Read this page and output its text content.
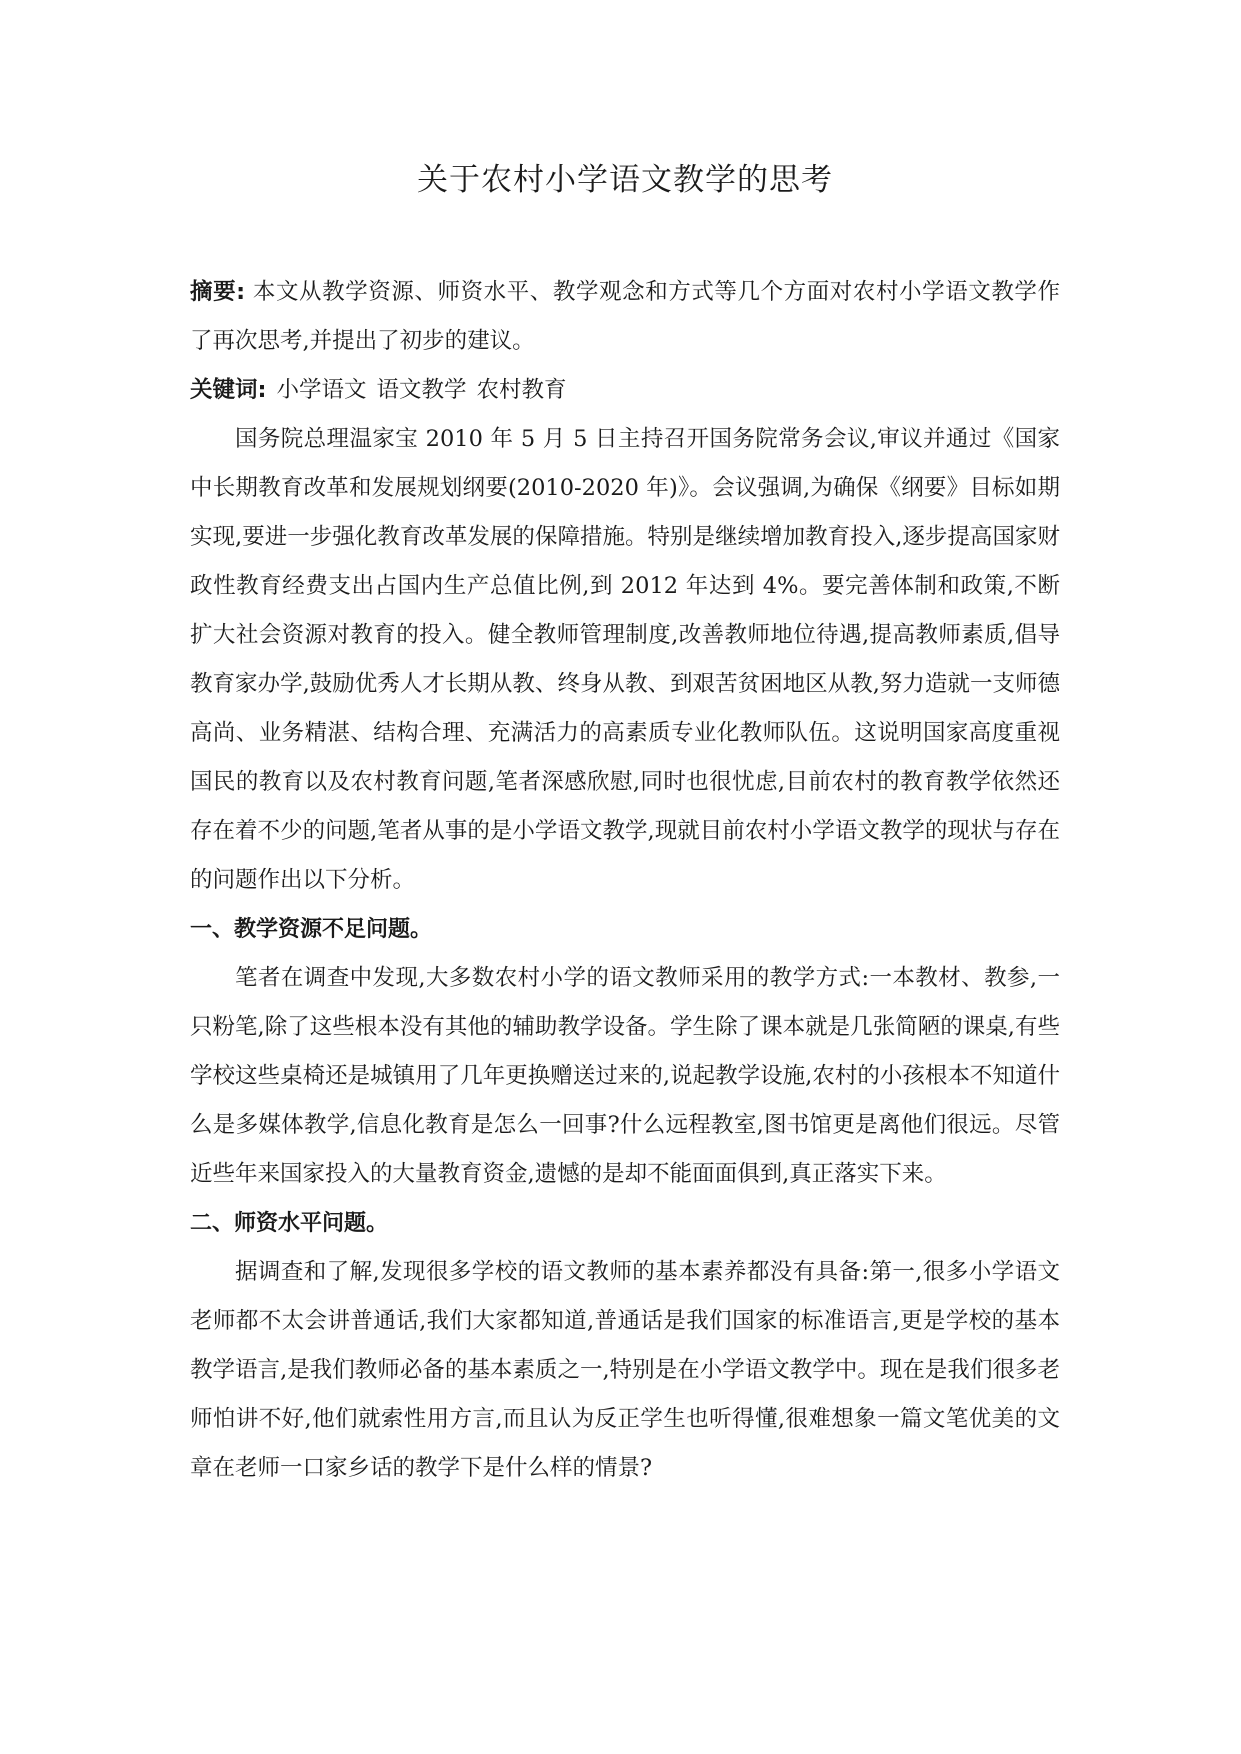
关于农村小学语文教学的思考

摘要: 本文从教学资源、师资水平、教学观念和方式等几个方面对农村小学语文教学作了再次思考,并提出了初步的建议。

关键词: 小学语文 语文教学 农村教育

国务院总理温家宝 2010 年 5 月 5 日主持召开国务院常务会议,审议并通过《国家中长期教育改革和发展规划纲要(2010-2020 年)》。会议强调,为确保《纲要》目标如期实现,要进一步强化教育改革发展的保障措施。特别是继续增加教育投入,逐步提高国家财政性教育经费支出占国内生产总值比例,到 2012 年达到 4%。要完善体制和政策,不断扩大社会资源对教育的投入。健全教师管理制度,改善教师地位待遇,提高教师素质,倡导教育家办学,鼓励优秀人才长期从教、终身从教、到艰苦贫困地区从教,努力造就一支师德高尚、业务精湛、结构合理、充满活力的高素质专业化教师队伍。这说明国家高度重视国民的教育以及农村教育问题,笔者深感欣慰,同时也很忧虑,目前农村的教育教学依然还存在着不少的问题,笔者从事的是小学语文教学,现就目前农村小学语文教学的现状与存在的问题作出以下分析。

一、教学资源不足问题。

笔者在调查中发现,大多数农村小学的语文教师采用的教学方式:一本教材、教参,一只粉笔,除了这些根本没有其他的辅助教学设备。学生除了课本就是几张简陋的课桌,有些学校这些桌椅还是城镇用了几年更换赠送过来的,说起教学设施,农村的小孩根本不知道什么是多媒体教学,信息化教育是怎么一回事?什么远程教室,图书馆更是离他们很远。尽管近些年来国家投入的大量教育资金,遗憾的是却不能面面俱到,真正落实下来。

二、师资水平问题。

据调查和了解,发现很多学校的语文教师的基本素养都没有具备:第一,很多小学语文老师都不太会讲普通话,我们大家都知道,普通话是我们国家的标准语言,更是学校的基本教学语言,是我们教师必备的基本素质之一,特别是在小学语文教学中。现在是我们很多老师怕讲不好,他们就索性用方言,而且认为反正学生也听得懂,很难想象一篇文笔优美的文章在老师一口家乡话的教学下是什么样的情景?
